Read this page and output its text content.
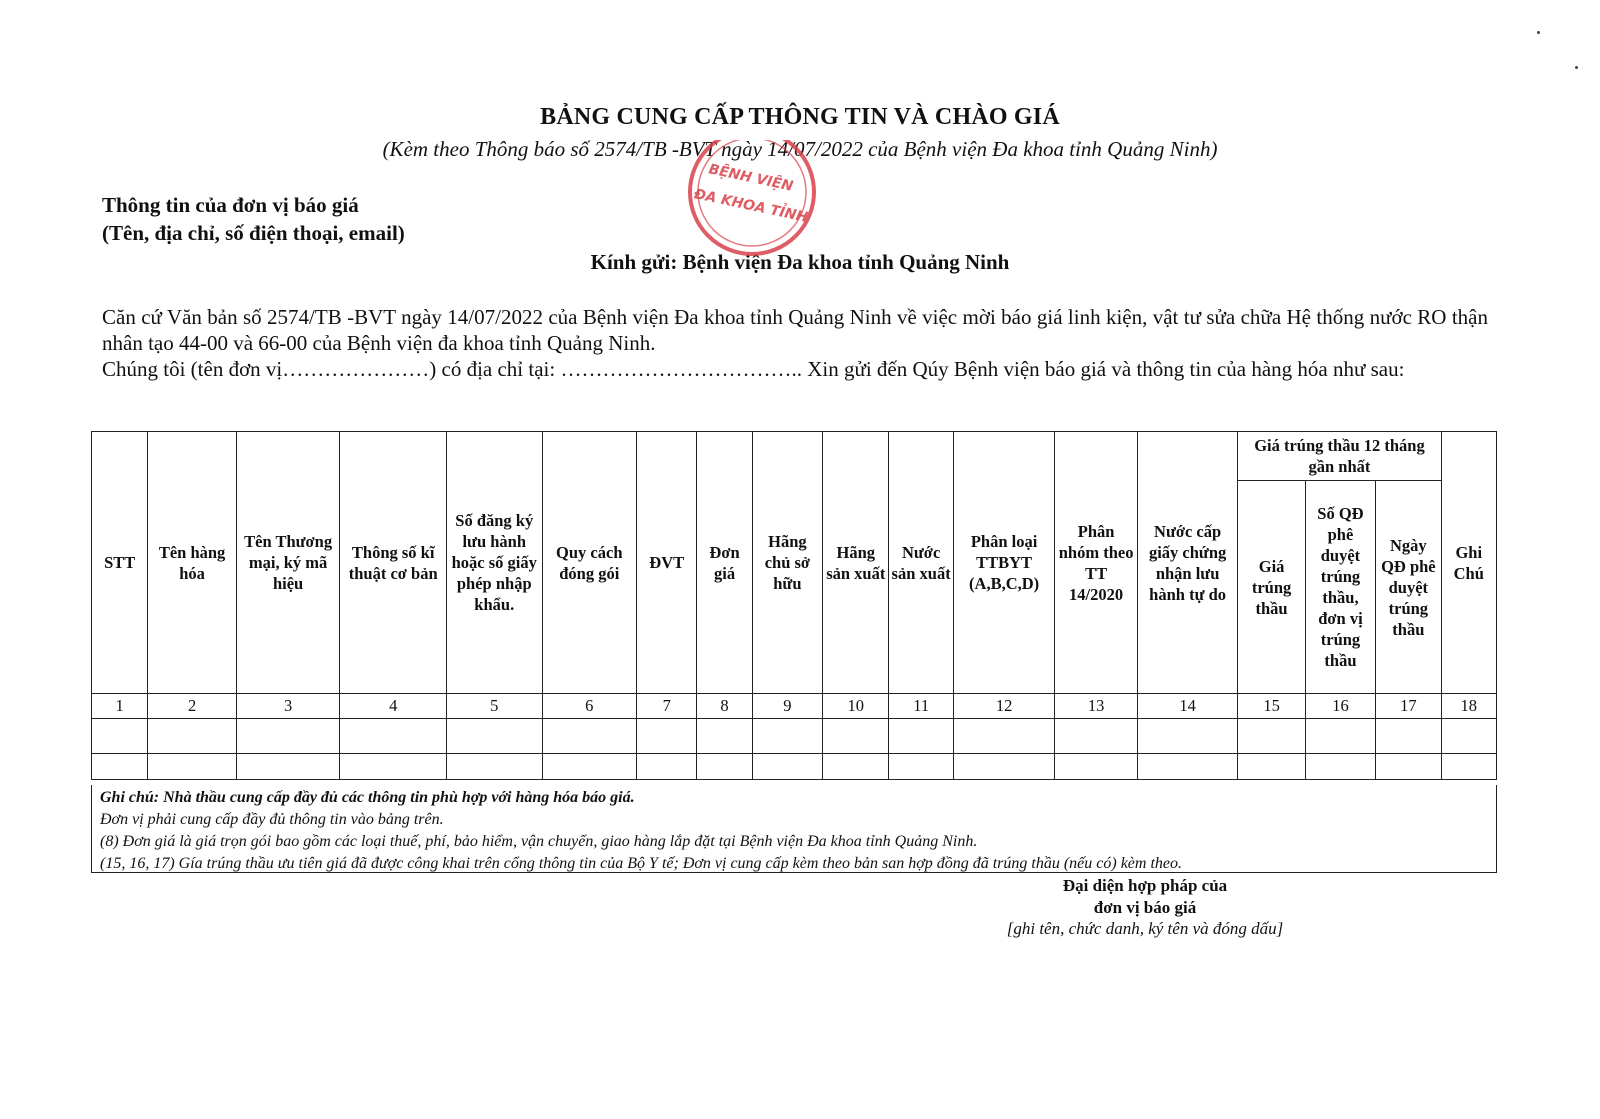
BẢNG CUNG CẤP THÔNG TIN VÀ CHÀO GIÁ
(Kèm theo Thông báo số 2574/TB -BVT ngày 14/07/2022 của Bệnh viện Đa khoa tỉnh Quảng Ninh)
Thông tin của đơn vị báo giá
(Tên, địa chỉ, số điện thoại, email)
Kính gửi: Bệnh viện Đa khoa tỉnh Quảng Ninh
BỆNH VIỆN
ĐA KHOA TỈNH

Căn cứ Văn bản số 2574/TB -BVT ngày 14/07/2022 của Bệnh viện Đa khoa tỉnh Quảng Ninh về việc mời báo giá linh kiện, vật tư sửa chữa Hệ thống nước RO thận nhân tạo 44-00 và 66-00 của Bệnh viện đa khoa tỉnh Quảng Ninh.

Chúng tôi (tên đơn vị…………………) có địa chỉ tại: …………………………….. Xin gửi đến Qúy Bệnh viện báo giá và thông tin của hàng hóa như sau:

STT	Tên hàng hóa	Tên Thương mại, ký mã hiệu	Thông số kĩ thuật cơ bản	Số đăng ký lưu hành hoặc số giấy phép nhập khẩu.	Quy cách đóng gói	ĐVT	Đơn giá	Hãng chủ sở hữu	Hãng sản xuất	Nước sản xuất	Phân loại TTBYT (A,B,C,D)	Phân nhóm theo TT 14/2020	Nước cấp giấy chứng nhận lưu hành tự do	Giá trúng thầu 12 tháng gần nhất			Ghi Chú
														Giá trúng thầu	Số QĐ phê duyệt trúng thầu, đơn vị trúng thầu	Ngày QĐ phê duyệt trúng thầu	
1	2	3	4	5	6	7	8	9	10	11	12	13	14	15	16	17	18

Ghi chú: Nhà thầu cung cấp đầy đủ các thông tin phù hợp với hàng hóa báo giá.
Đơn vị phải cung cấp đầy đủ thông tin vào bảng trên.
(8) Đơn giá là giá trọn gói bao gồm các loại thuế, phí, bảo hiểm, vận chuyển, giao hàng lắp đặt tại Bệnh viện Đa khoa tỉnh Quảng Ninh.
(15, 16, 17) Gía trúng thầu ưu tiên giá đã được công khai trên cổng thông tin của Bộ Y tế; Đơn vị cung cấp kèm theo bản san hợp đồng đã trúng thầu (nếu có) kèm theo.
Đại diện hợp pháp của
đơn vị báo giá
[ghi tên, chức danh, ký tên và đóng dấu]
